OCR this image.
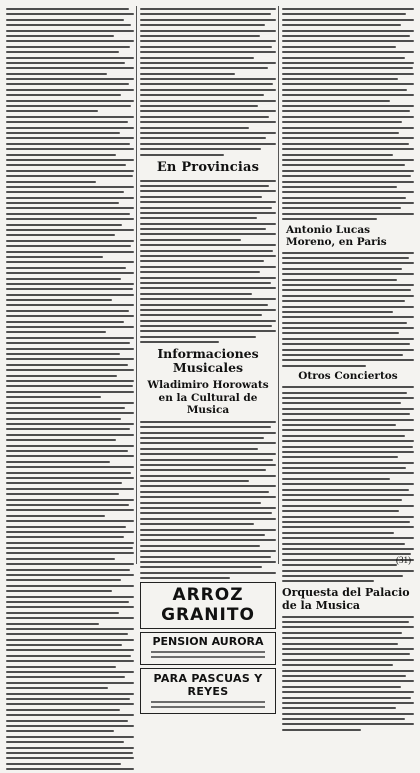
En Provincias
Informaciones Musicales
Wladimiro Horowats en la Cultural de Musica
ARROZ GRANITO
PENSION AURORA
PARA PASCUAS Y REYES
Antonio Lucas Moreno, en Paris
Otros Conciertos
Orquesta del Palacio de la Musica
(31)
